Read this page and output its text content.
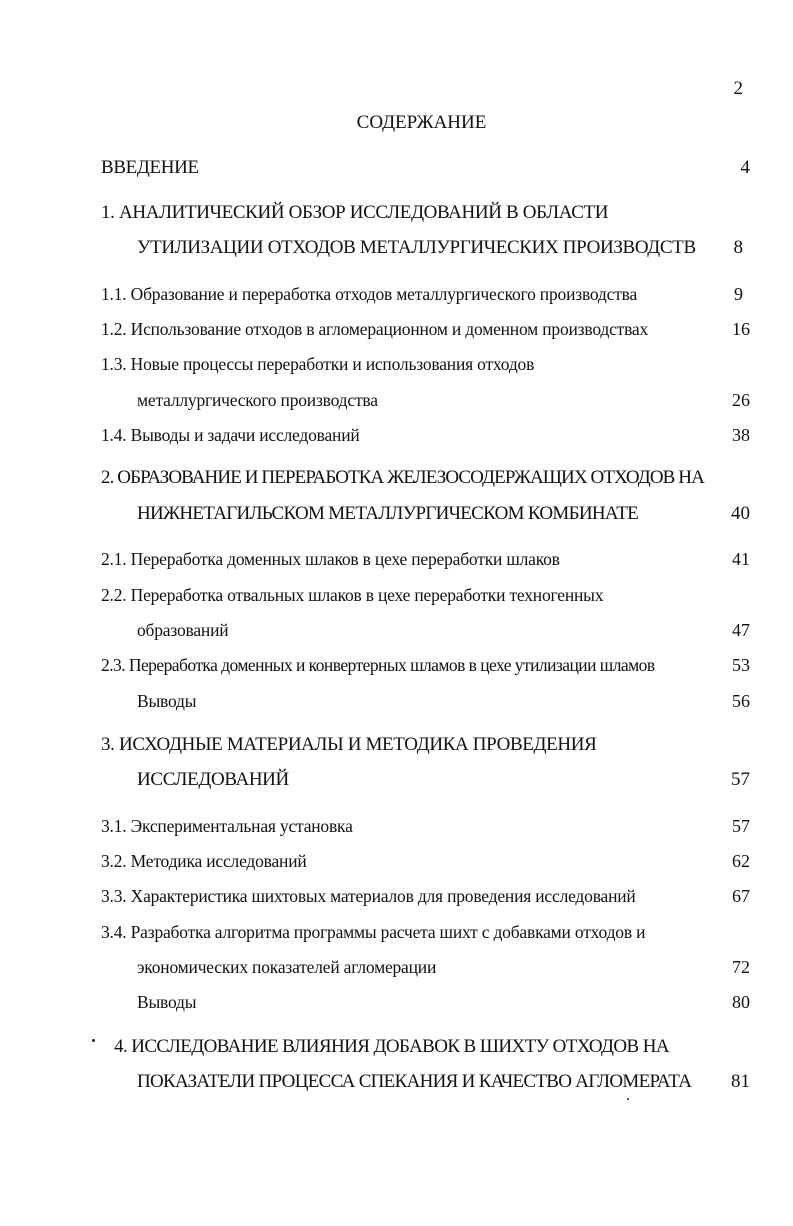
2
СОДЕРЖАНИЕ
ВВЕДЕНИЕ	4
1. АНАЛИТИЧЕСКИЙ ОБЗОР ИССЛЕДОВАНИЙ В ОБЛАСТИ
УТИЛИЗАЦИИ ОТХОДОВ МЕТАЛЛУРГИЧЕСКИХ ПРОИЗВОДСТВ 8
1.1. Образование и переработка отходов металлургического производства	9
1.2. Использование отходов в агломерационном и доменном производствах	16
1.3. Новые процессы переработки и использования отходов
металлургического производства	26
1.4. Выводы и задачи исследований	38
2. ОБРАЗОВАНИЕ И ПЕРЕРАБОТКА ЖЕЛЕЗОСОДЕРЖАЩИХ ОТХОДОВ НА
НИЖНЕТАГИЛЬСКОМ МЕТАЛЛУРГИЧЕСКОМ КОМБИНАТЕ	40
2.1. Переработка доменных шлаков в цехе переработки шлаков	41
2.2. Переработка отвальных шлаков в цехе переработки техногенных
образований	47
2.3. Переработка доменных и конвертерных шламов в цехе утилизации шламов	53
Выводы	56
3. ИСХОДНЫЕ МАТЕРИАЛЫ И МЕТОДИКА ПРОВЕДЕНИЯ
ИССЛЕДОВАНИЙ	57
3.1. Экспериментальная установка	57
3.2. Методика исследований	62
3.3. Характеристика шихтовых материалов для проведения исследований	67
3.4. Разработка алгоритма программы расчета шихт с добавками отходов и
экономических показателей агломерации	72
Выводы	80
4. ИССЛЕДОВАНИЕ ВЛИЯНИЯ ДОБАВОК В ШИХТУ ОТХОДОВ НА
ПОКАЗАТЕЛИ ПРОЦЕССА СПЕКАНИЯ И КАЧЕСТВО АГЛОМЕРАТА 81
